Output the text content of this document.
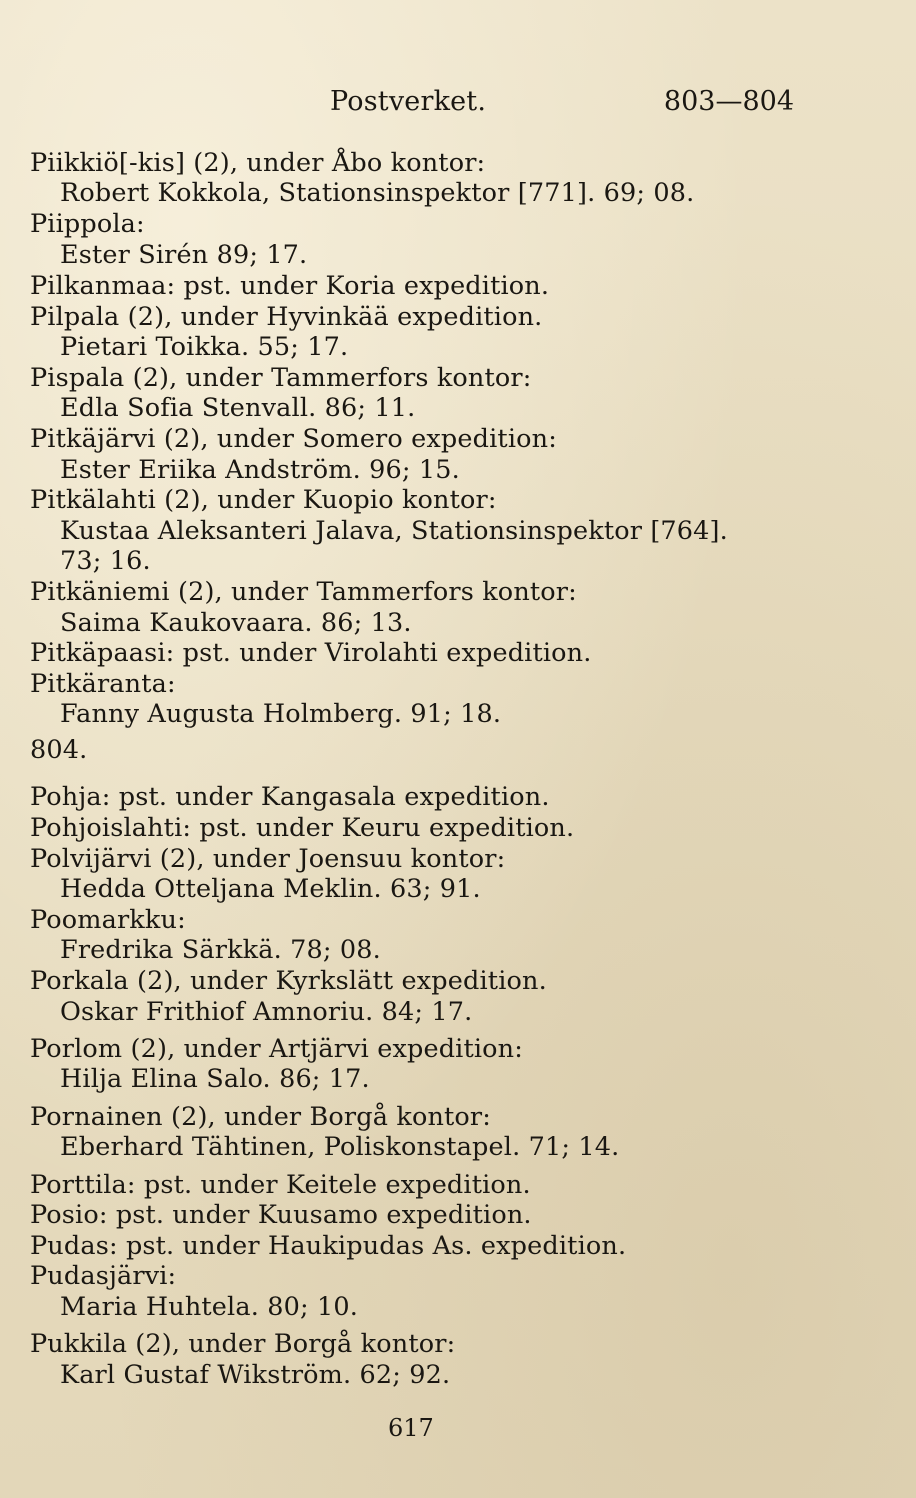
Postverket.	803—804
Piikkiö[-kis] (2), under Åbo kontor:
Robert Kokkola, Stationsinspektor [771]. 69; 08.
Piippola:
Ester Sirén 89; 17.
Pilkanmaa: pst. under Koria expedition.
Pilpala (2), under Hyvinkää expedition.
Pietari Toikka. 55; 17.
Pispala (2), under Tammerfors kontor:
Edla Sofia Stenvall. 86; 11.
Pitkäjärvi (2), under Somero expedition:
Ester Eriika Andström. 96; 15.
Pitkälahti (2), under Kuopio kontor:
Kustaa Aleksanteri Jalava, Stationsinspektor [764].
73; 16.
Pitkäniemi (2), under Tammerfors kontor:
Saima Kaukovaara. 86; 13.
Pitkäpaasi: pst. under Virolahti expedition.
Pitkäranta:
Fanny Augusta Holmberg. 91; 18.
804.
Pohja: pst. under Kangasala expedition.
Pohjoislahti: pst. under Keuru expedition.
Polvijärvi (2), under Joensuu kontor:
Hedda Otteljana Meklin. 63; 91.
Poomarkku:
Fredrika Särkkä. 78; 08.
Porkala (2), under Kyrkslätt expedition.
Oskar Frithiof Amnoriu. 84; 17.
Porlom (2), under Artjärvi expedition:
Hilja Elina Salo. 86; 17.
Pornainen (2), under Borgå kontor:
Eberhard Tähtinen, Poliskonstapel. 71; 14.
Porttila: pst. under Keitele expedition.
Posio: pst. under Kuusamo expedition.
Pudas: pst. under Haukipudas As. expedition.
Pudasjärvi:
Maria Huhtela. 80; 10.
Pukkila (2), under Borgå kontor:
Karl Gustaf Wikström. 62; 92.
617
